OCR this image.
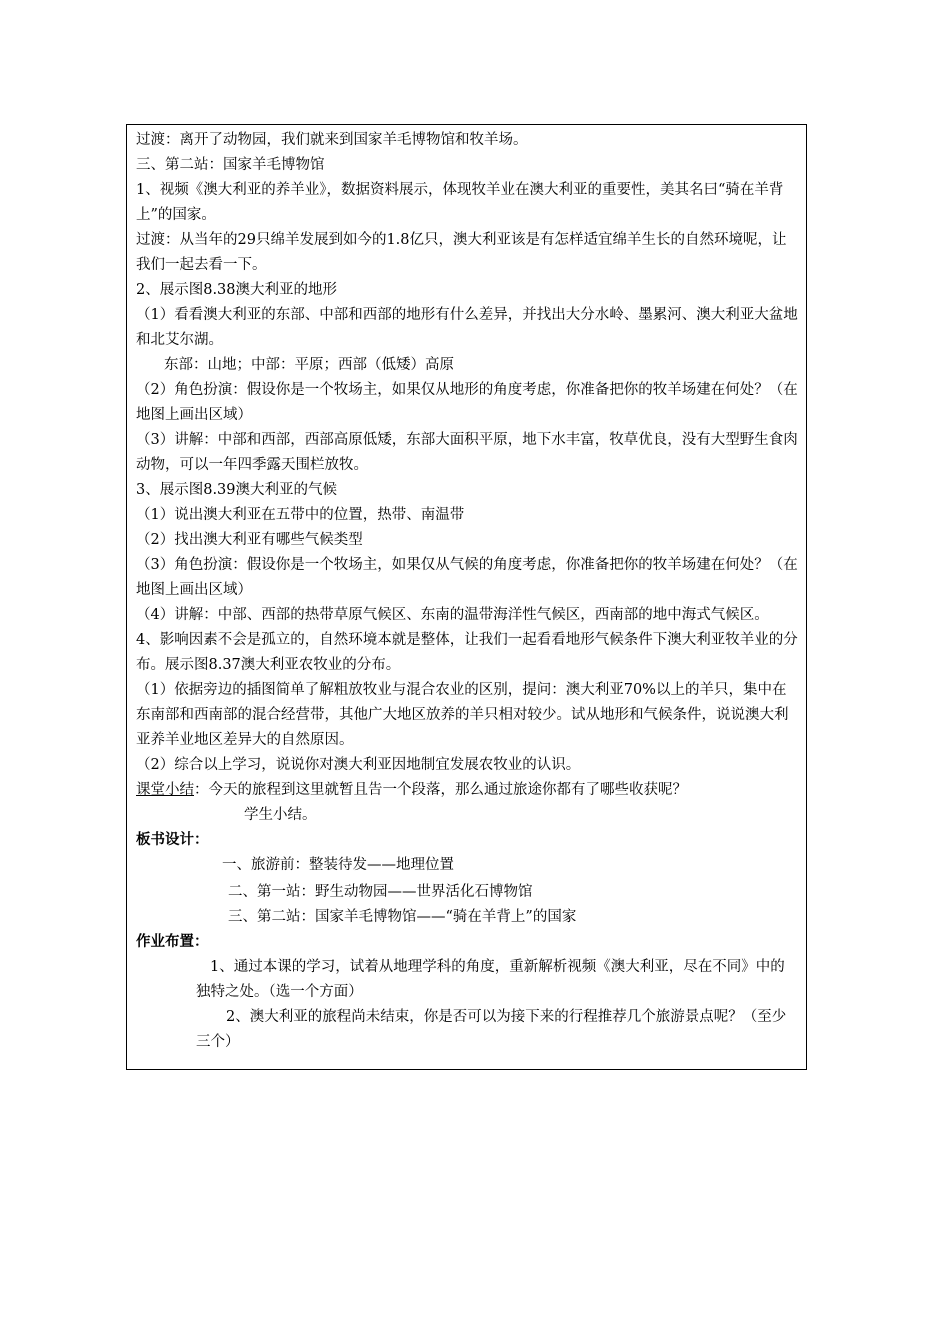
过渡：离开了动物园，我们就来到国家羊毛博物馆和牧羊场。
三、第二站：国家羊毛博物馆
1、视频《澳大利亚的养羊业》，数据资料展示，体现牧羊业在澳大利亚的重要性，美其名曰“骑在羊背上”的国家。
过渡：从当年的29只绵羊发展到如今的1.8亿只，澳大利亚该是有怎样适宜绵羊生长的自然环境呢，让我们一起去看一下。
2、展示图8.38澳大利亚的地形
（1）看看澳大利亚的东部、中部和西部的地形有什么差异，并找出大分水岭、墨累河、澳大利亚大盆地和北艾尔湖。
东部：山地；中部：平原；西部（低矮）高原
（2）角色扮演：假设你是一个牧场主，如果仅从地形的角度考虑，你准备把你的牧羊场建在何处？（在地图上画出区域）
（3）讲解：中部和西部，西部高原低矮，东部大面积平原，地下水丰富，牧草优良，没有大型野生食肉动物，可以一年四季露天围栏放牧。
3、展示图8.39澳大利亚的气候
（1）说出澳大利亚在五带中的位置，热带、南温带
（2）找出澳大利亚有哪些气候类型
（3）角色扮演：假设你是一个牧场主，如果仅从气候的角度考虑，你准备把你的牧羊场建在何处？（在地图上画出区域）
（4）讲解：中部、西部的热带草原气候区、东南的温带海洋性气候区，西南部的地中海式气候区。
4、影响因素不会是孤立的，自然环境本就是整体，让我们一起看看地形气候条件下澳大利亚牧羊业的分布。展示图8.37澳大利亚农牧业的分布。
（1）依据旁边的插图简单了解粗放牧业与混合农业的区别，提问：澳大利亚70%以上的羊只，集中在东南部和西南部的混合经营带，其他广大地区放养的羊只相对较少。试从地形和气候条件，说说澳大利亚养羊业地区差异大的自然原因。
（2）综合以上学习，说说你对澳大利亚因地制宜发展农牧业的认识。
课堂小结：今天的旅程到这里就暂且告一个段落，那么通过旅途你都有了哪些收获呢？
学生小结。
板书设计：
一、旅游前：整装待发——地理位置
二、第一站：野生动物园——世界活化石博物馆
三、第二站：国家羊毛博物馆——“骑在羊背上”的国家
作业布置：
1、通过本课的学习，试着从地理学科的角度，重新解析视频《澳大利亚，尽在不同》中的独特之处。（选一个方面）
2、澳大利亚的旅程尚未结束，你是否可以为接下来的行程推荐几个旅游景点呢？（至少三个）
